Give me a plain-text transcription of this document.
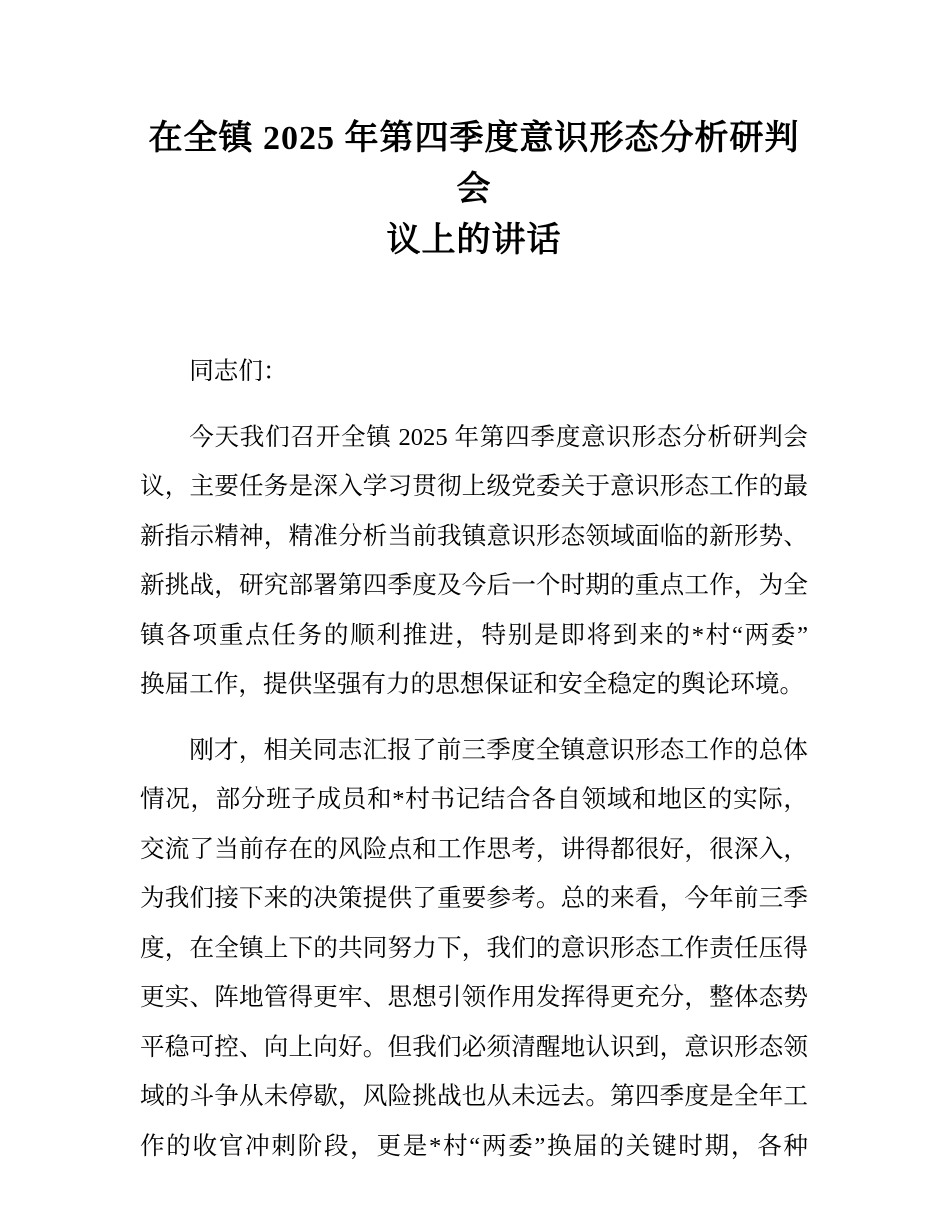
在全镇 2025 年第四季度意识形态分析研判会
议上的讲话
同志们：
今天我们召开全镇 2025 年第四季度意识形态分析研判会
议，主要任务是深入学习贯彻上级党委关于意识形态工作的最
新指示精神，精准分析当前我镇意识形态领域面临的新形势、
新挑战，研究部署第四季度及今后一个时期的重点工作，为全
镇各项重点任务的顺利推进，特别是即将到来的*村“两委”
换届工作，提供坚强有力的思想保证和安全稳定的舆论环境。
刚才，相关同志汇报了前三季度全镇意识形态工作的总体
情况，部分班子成员和*村书记结合各自领域和地区的实际，
交流了当前存在的风险点和工作思考，讲得都很好，很深入，
为我们接下来的决策提供了重要参考。总的来看，今年前三季
度，在全镇上下的共同努力下，我们的意识形态工作责任压得
更实、阵地管得更牢、思想引领作用发挥得更充分，整体态势
平稳可控、向上向好。但我们必须清醒地认识到，意识形态领
域的斗争从未停歇，风险挑战也从未远去。第四季度是全年工
作的收官冲刺阶段，更是*村“两委”换届的关键时期，各种
